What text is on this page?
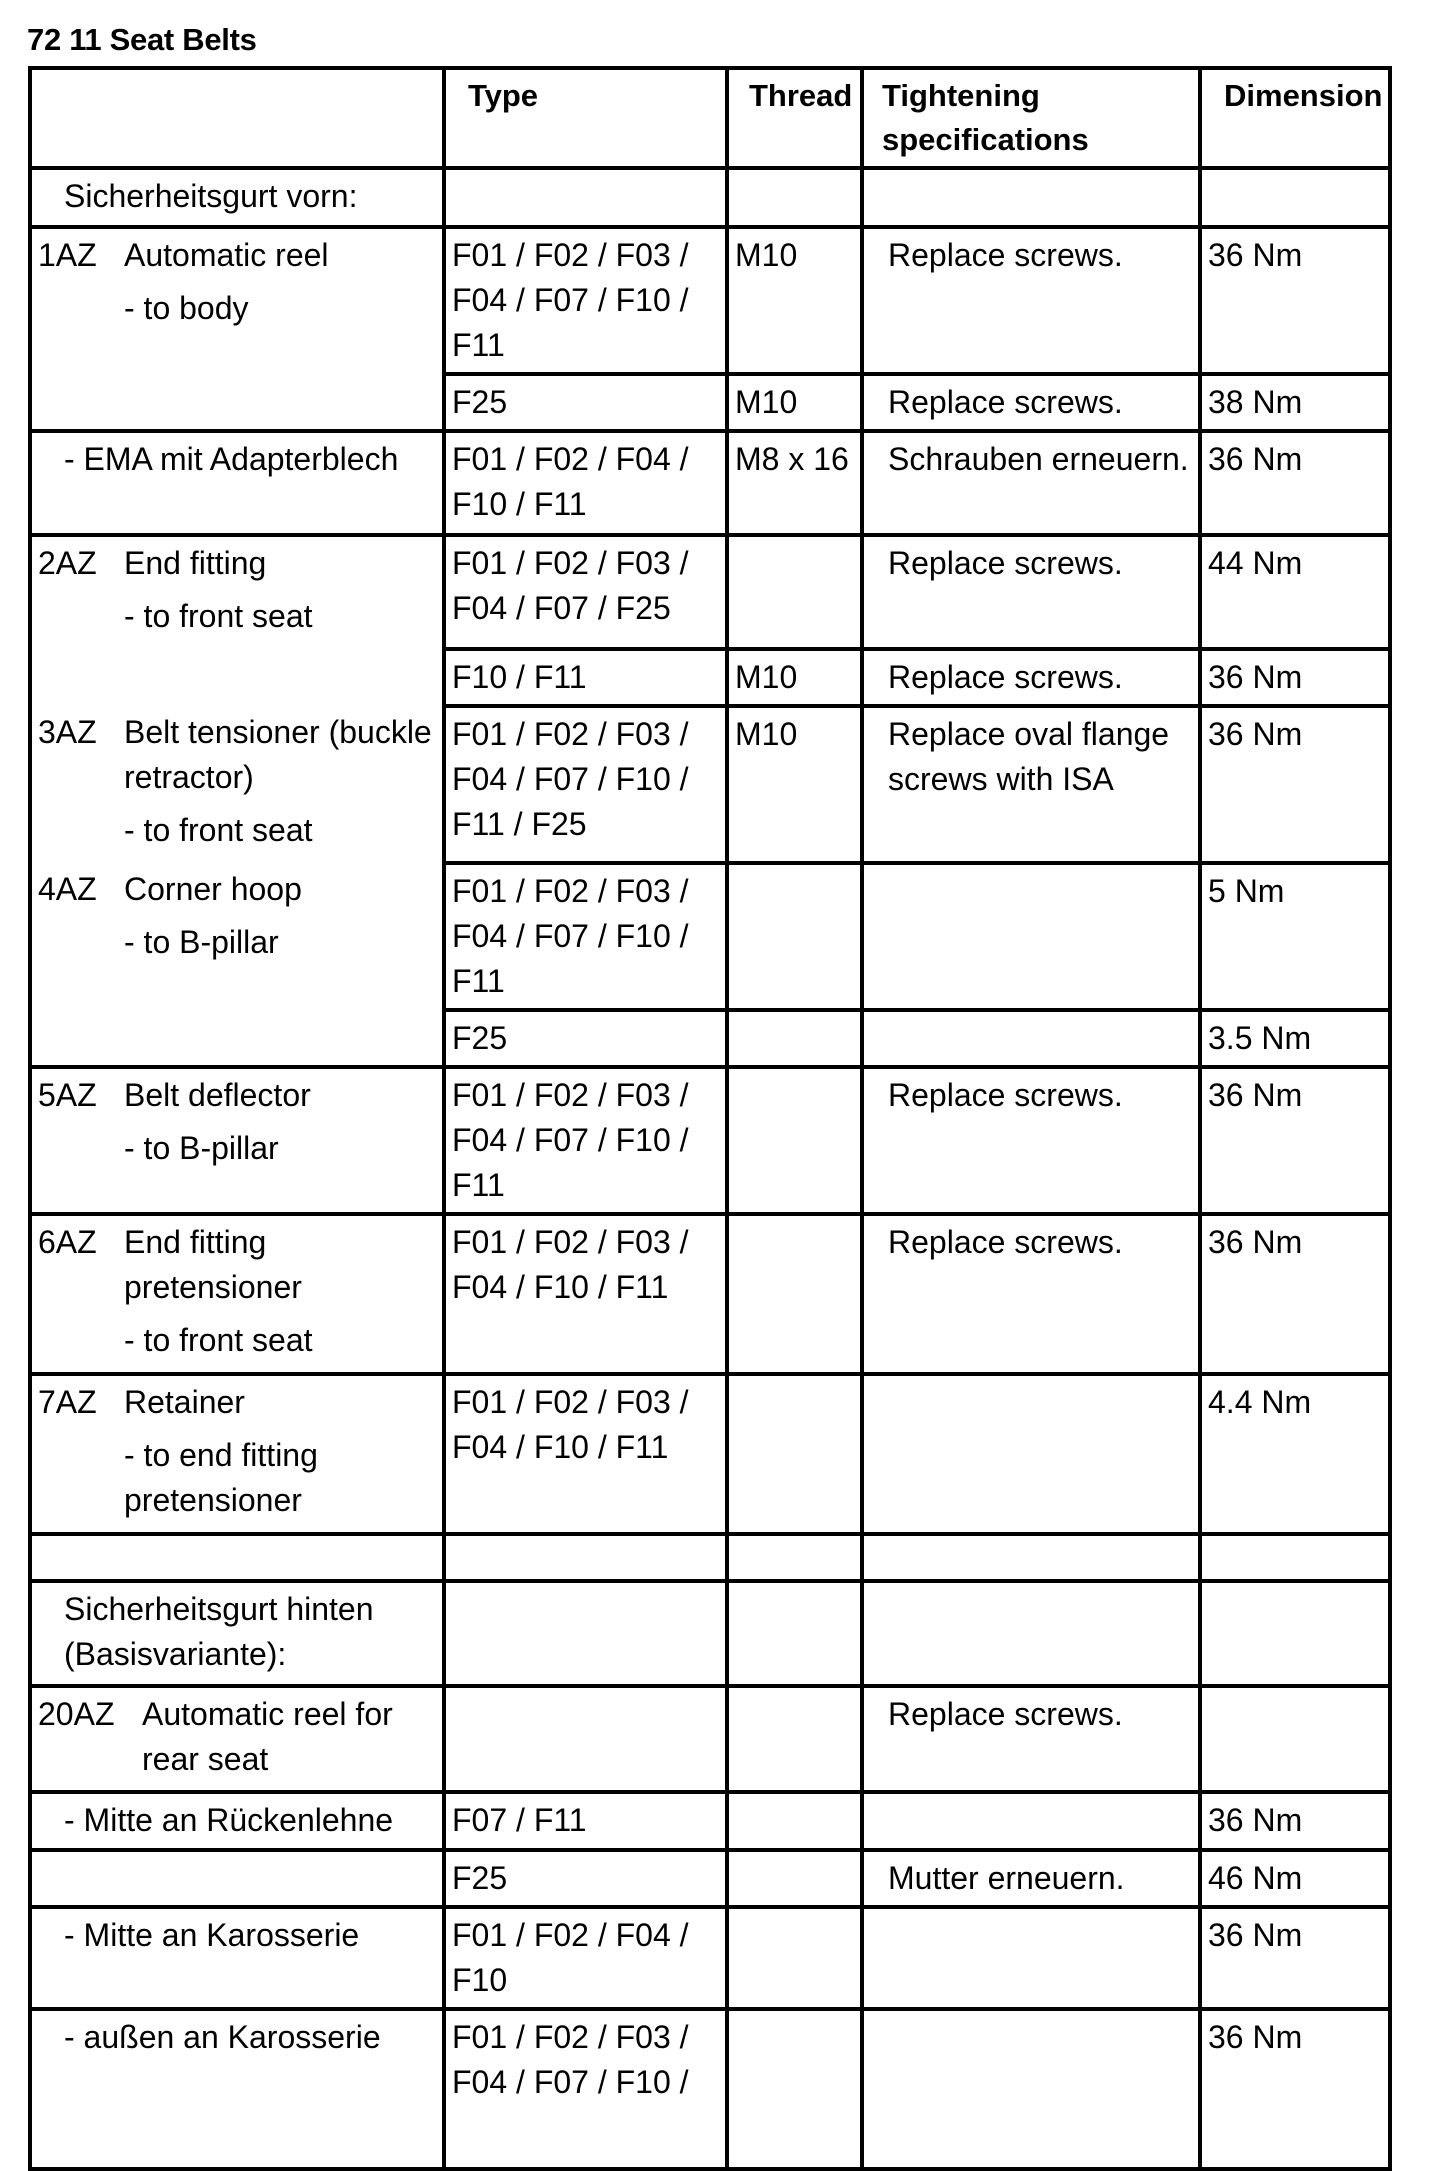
72 11 Seat Belts
	Type	Thread	Tightening specifications	Dimension
Sicherheitsgurt vorn:				

1AZ Automatic reel
- to body	F01 / F02 / F03 / F04 / F07 / F10 / F11	M10	Replace screws.	36 Nm
	F25	M10	Replace screws.	38 Nm
- EMA mit Adapterblech	F01 / F02 / F04 / F10 / F11	M8 x 16	Schrauben erneuern.	36 Nm

2AZ End fitting
- to front seat	F01 / F02 / F03 / F04 / F07 / F25		Replace screws.	44 Nm
	F10 / F11	M10	Replace screws.	36 Nm

3AZ Belt tensioner (buckle retractor)
- to front seat	F01 / F02 / F03 / F04 / F07 / F10 / F11 / F25	M10	Replace oval flange screws with ISA	36 Nm

4AZ Corner hoop
- to B-pillar	F01 / F02 / F03 / F04 / F07 / F10 / F11			5 Nm
	F25			3.5 Nm

5AZ Belt deflector
- to B-pillar	F01 / F02 / F03 / F04 / F07 / F10 / F11		Replace screws.	36 Nm

6AZ End fitting pretensioner
- to front seat	F01 / F02 / F03 / F04 / F10 / F11		Replace screws.	36 Nm

7AZ Retainer
- to end fitting pretensioner	F01 / F02 / F03 / F04 / F10 / F11			4.4 Nm

Sicherheitsgurt hinten (Basisvariante):				

20AZ Automatic reel for rear seat			Replace screws.	
- Mitte an Rückenlehne	F07 / F11			36 Nm
	F25		Mutter erneuern.	46 Nm
- Mitte an Karosserie	F01 / F02 / F04 / F10			36 Nm
- außen an Karosserie	F01 / F02 / F03 / F04 / F07 / F10 /			36 Nm
